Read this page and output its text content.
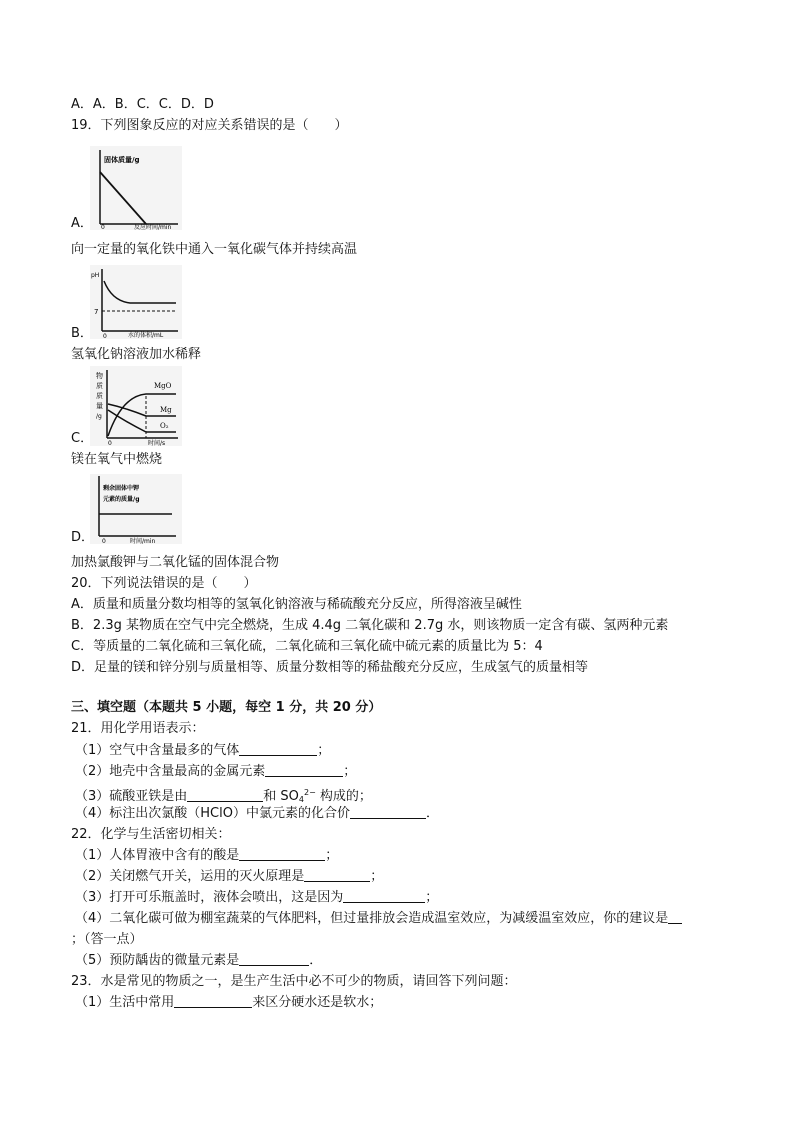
A．A．B．C．C．D．D
19．下列图象反应的对应关系错误的是（　　）
固体质量/g
反应时间/min
0
A．
向一定量的氧化铁中通入一氧化碳气体并持续高温
pH
7
水的体积/mL
0
B．
氢氧化钠溶液加水稀释
物
质
质
量
/g
MgO
Mg
O₂
时间/s
0
C．
镁在氧气中燃烧
剩余固体中钾
元素的质量/g
时间/min
0
D．
加热氯酸钾与二氧化锰的固体混合物
20．下列说法错误的是（　　）
A．质量和质量分数均相等的氢氧化钠溶液与稀硫酸充分反应，所得溶液呈碱性
B．2.3g 某物质在空气中完全燃烧，生成 4.4g 二氧化碳和 2.7g 水，则该物质一定含有碳、氢两种元素
C．等质量的二氧化硫和三氧化硫，二氧化硫和三氧化硫中硫元素的质量比为 5：4
D．足量的镁和锌分别与质量相等、质量分数相等的稀盐酸充分反应，生成氢气的质量相等
三、填空题（本题共 5 小题，每空 1 分，共 20 分）
21．用化学用语表示：
（1）空气中含量最多的气体	；
（2）地壳中含量最高的金属元素	；
（3）硫酸亚铁是由	和 $SO_4^{2-}$ 构成的；
（4）标注出次氯酸（HClO）中氯元素的化合价	．
22．化学与生活密切相关：
（1）人体胃液中含有的酸是	；
（2）关闭燃气开关，运用的灭火原理是	；
（3）打开可乐瓶盖时，液体会喷出，这是因为	；
（4）二氧化碳可做为棚室蔬菜的气体肥料，但过量排放会造成温室效应，为减缓温室效应，你的建议是
；（答一点）
（5）预防龋齿的微量元素是	．
23．水是常见的物质之一，是生产生活中必不可少的物质，请回答下列问题：
（1）生活中常用	来区分硬水还是软水；
